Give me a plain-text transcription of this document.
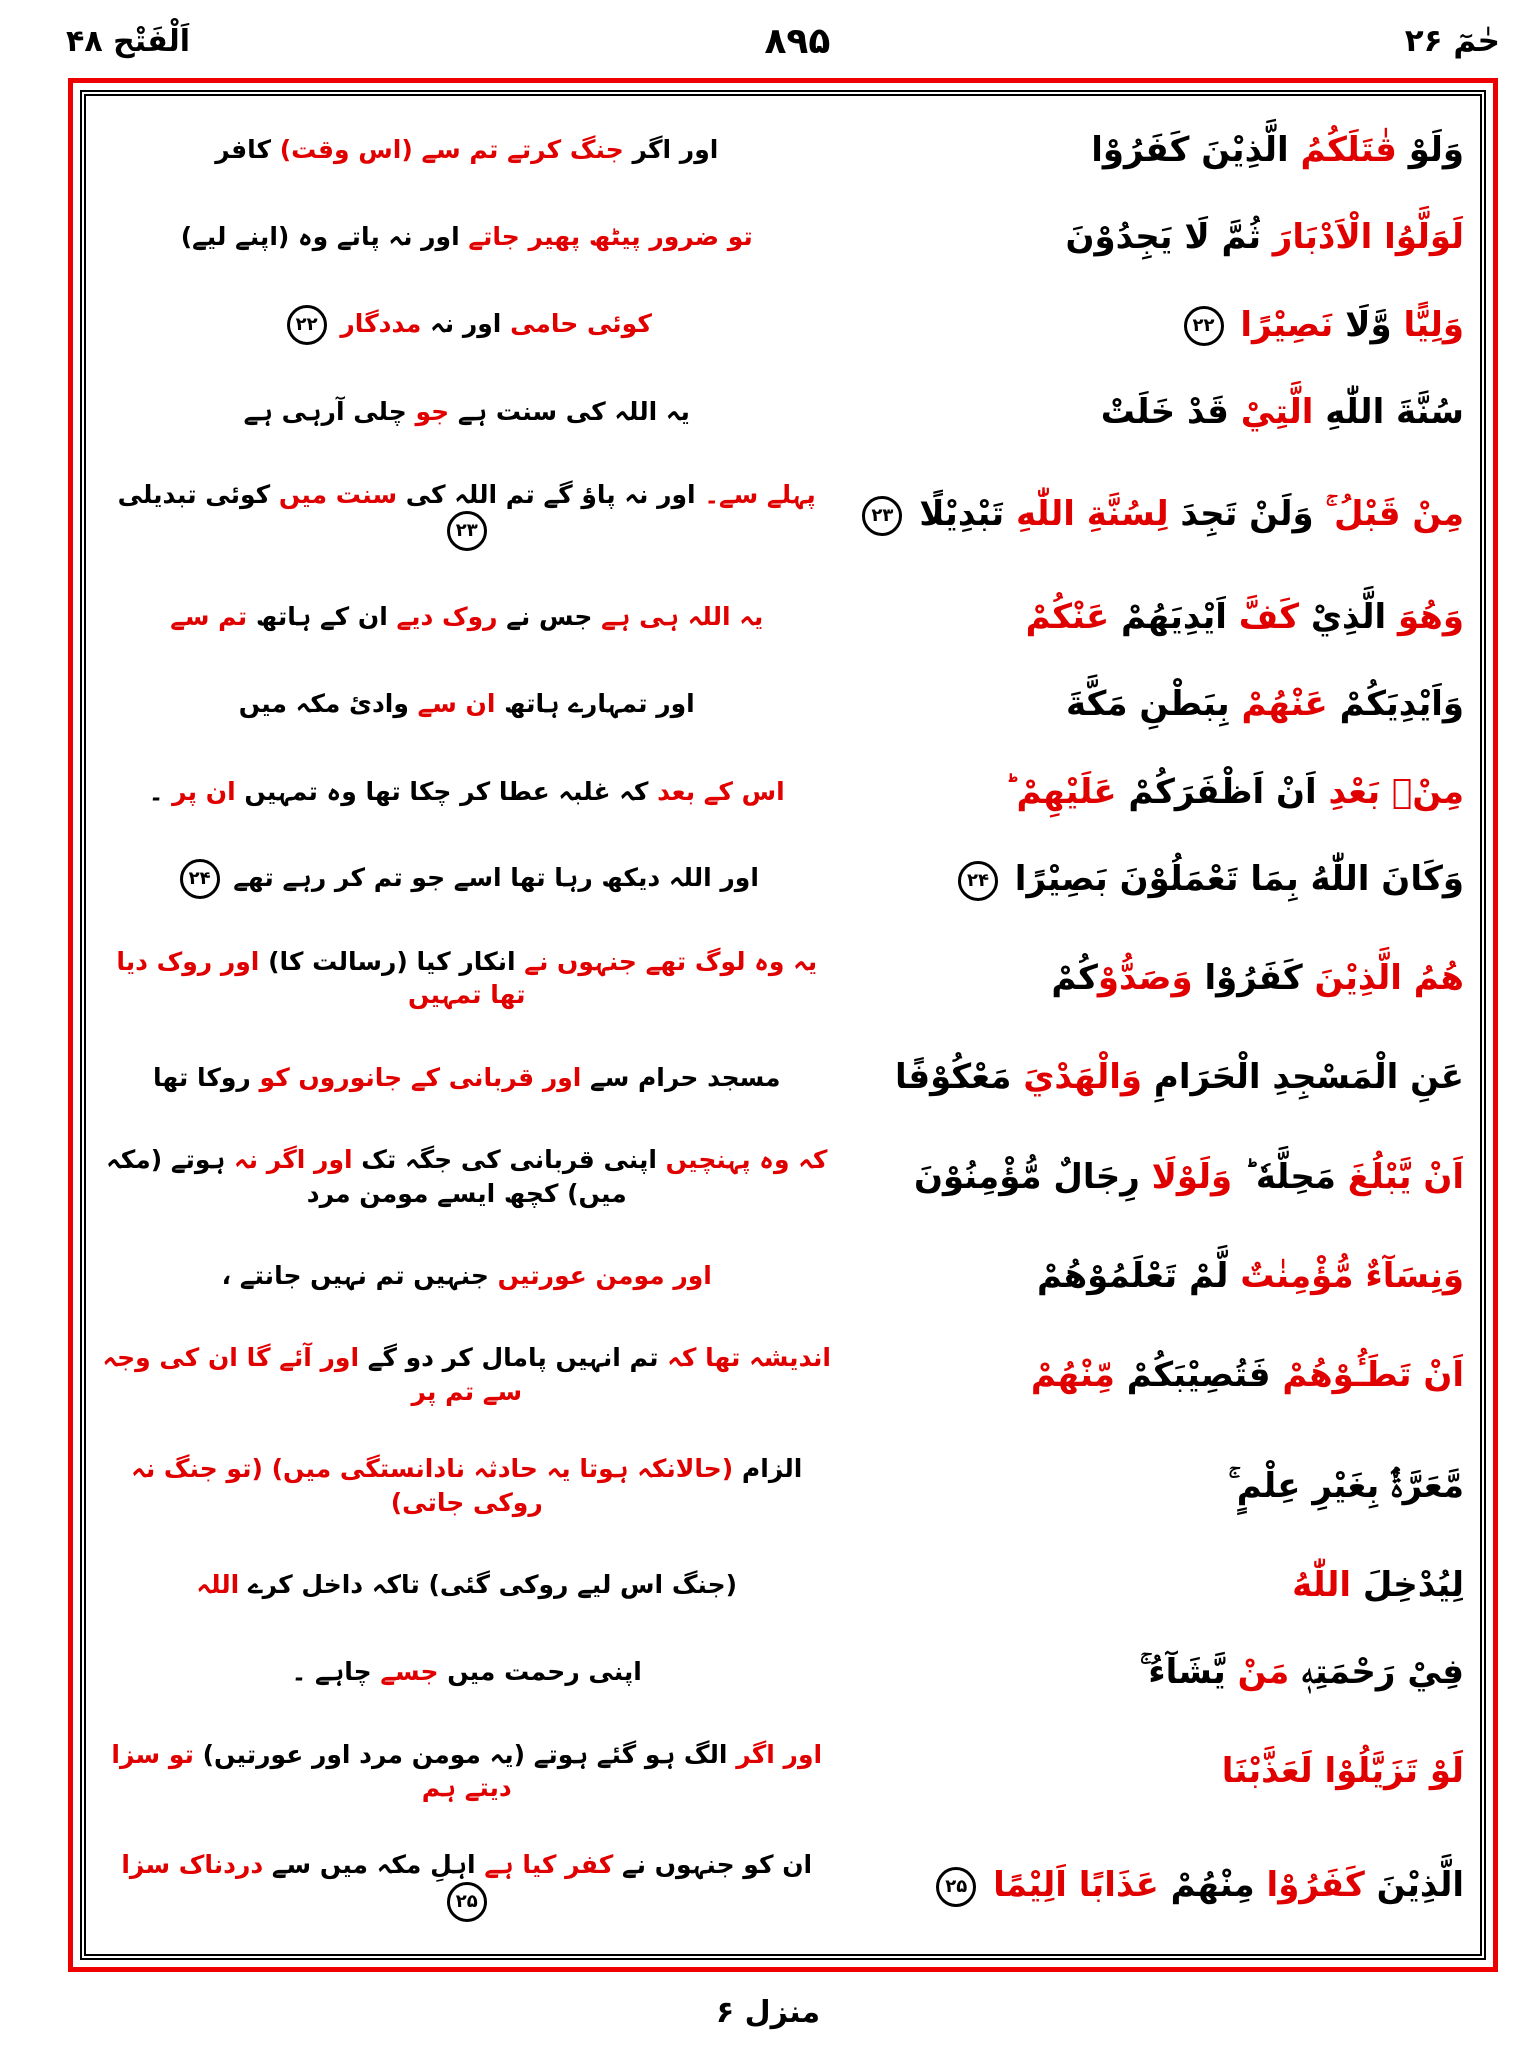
حٰمٓ ۲۶
۸۹۵
اَلْفَتْح ۴۸
وَلَوْ قٰتَلَكُمُ الَّذِيْنَ كَفَرُوْا
اور اگر جنگ کرتے تم سے (اس وقت) کافر
لَوَلَّوُا الْاَدْبَارَ ثُمَّ لَا يَجِدُوْنَ
تو ضرور پیٹھ پھیر جاتے اور نہ پاتے وہ (اپنے لیے)
وَلِيًّا وَّلَا نَصِيْرًا ۲۲
کوئی حامی اور نہ مددگار ۲۲
سُنَّةَ اللّٰهِ الَّتِيْ قَدْ خَلَتْ
یہ اللہ کی سنت ہے جو چلی آرہی ہے
مِنْ قَبْلُ ۚ وَلَنْ تَجِدَ لِسُنَّةِ اللّٰهِ تَبْدِيْلًا ۲۳
پہلے سے۔ اور نہ پاؤ گے تم اللہ کی سنت میں کوئی تبدیلی ۲۳
وَهُوَ الَّذِيْ كَفَّ اَيْدِيَهُمْ عَنْكُمْ
یہ اللہ ہی ہے جس نے روک دیے ان کے ہاتھ تم سے
وَاَيْدِيَكُمْ عَنْهُمْ بِبَطْنِ مَكَّةَ
اور تمہارے ہاتھ ان سے وادئ مکہ میں
مِنْۢ بَعْدِ اَنْ اَظْفَرَكُمْ عَلَيْهِمْ ؕ
اس کے بعد کہ غلبہ عطا کر چکا تھا وہ تمہیں ان پر ۔
وَكَانَ اللّٰهُ بِمَا تَعْمَلُوْنَ بَصِيْرًا ۲۴
اور اللہ دیکھ رہا تھا اسے جو تم کر رہے تھے ۲۴
هُمُ الَّذِيْنَ كَفَرُوْا وَصَدُّوْكُمْ
یہ وہ لوگ تھے جنہوں نے انکار کیا (رسالت کا) اور روک دیا تھا تمہیں
عَنِ الْمَسْجِدِ الْحَرَامِ وَالْهَدْيَ مَعْكُوْفًا
مسجد حرام سے اور قربانی کے جانوروں کو روکا تھا
اَنْ يَّبْلُغَ مَحِلَّهٗ ؕ وَلَوْلَا رِجَالٌ مُّؤْمِنُوْنَ
کہ وہ پہنچیں اپنی قربانی کی جگہ تک اور اگر نہ ہوتے (مکہ میں) کچھ ایسے مومن مرد
وَنِسَآءٌ مُّؤْمِنٰتٌ لَّمْ تَعْلَمُوْهُمْ
اور مومن عورتیں جنہیں تم نہیں جانتے ،
اَنْ تَطَـُٔوْهُمْ فَتُصِيْبَكُمْ مِّنْهُمْ
اندیشہ تھا کہ تم انہیں پامال کر دو گے اور آئے گا ان کی وجہ سے تم پر
مَّعَرَّةٌۢ بِغَيْرِ عِلْمٍ ۚ
الزام (حالانکہ ہوتا یہ حادثہ نادانستگی میں) (تو جنگ نہ روکی جاتی)
لِيُدْخِلَ اللّٰهُ
(جنگ اس لیے روکی گئی) تاکہ داخل کرے اللہ
فِيْ رَحْمَتِهٖ مَنْ يَّشَآءُ ۚ
اپنی رحمت میں جسے چاہے ۔
لَوْ تَزَيَّلُوْا لَعَذَّبْنَا
اور اگر الگ ہو گئے ہوتے (یہ مومن مرد اور عورتیں) تو سزا دیتے ہم
الَّذِيْنَ كَفَرُوْا مِنْهُمْ عَذَابًا اَلِيْمًا ۲۵
ان کو جنہوں نے کفر کیا ہے اہلِ مکہ میں سے دردناک سزا ۲۵
منزل ۶
